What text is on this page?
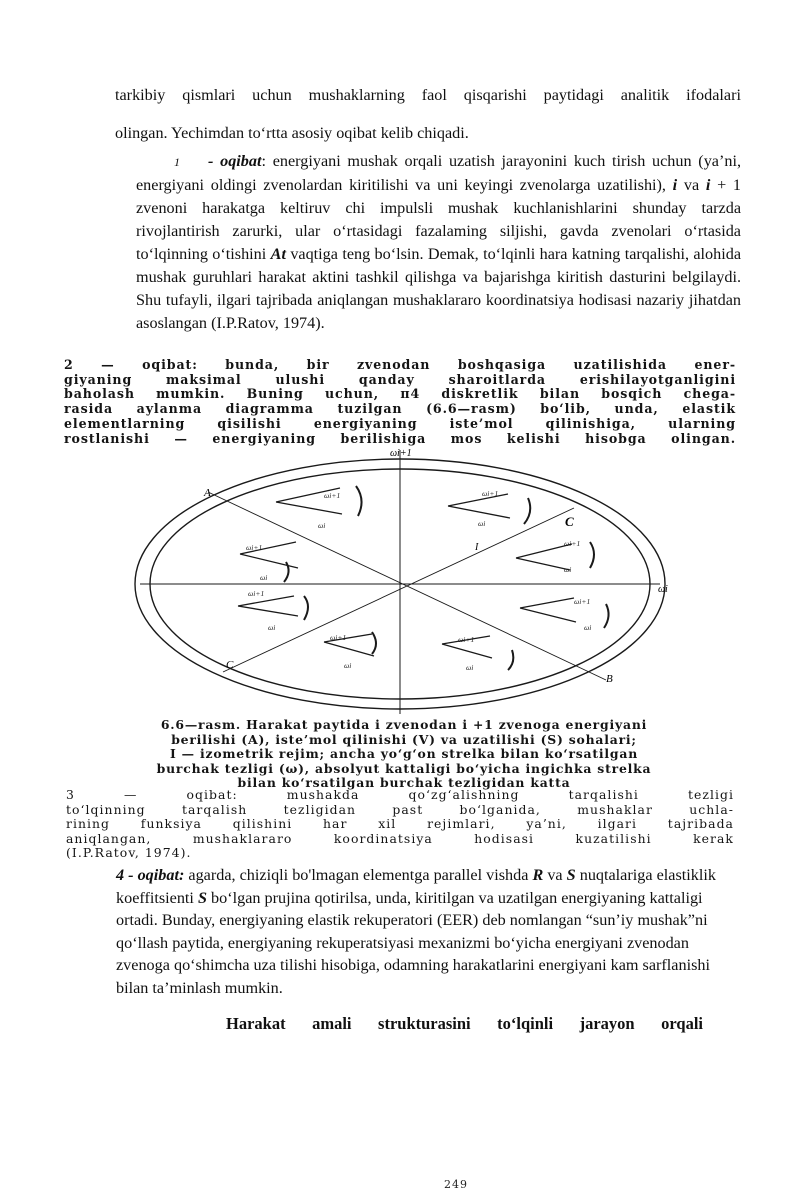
tarkibiy qismlari uchun mushaklarning faol qisqarishi paytidagi analitik ifodalari
olingan. Yechimdan to‘rtta asosiy oqibat kelib chiqadi.
1 - oqibat: energiyani mushak orqali uzatish jarayonini kuch tirish uchun (ya’ni, energiyani oldingi zvenolardan kiritilishi va uni keyingi zvenolarga uzatilishi), i va i + 1 zvenoni harakatga keltiruv chi impulsli mushak kuchlanishlarini shunday tarzda rivojlantirish zarurki, ular o‘rtasidagi fazalaming siljishi, gavda zvenolari o‘rtasida to‘lqinning o‘tishini At vaqtiga teng bo‘lsin. Demak, to‘lqinli hara katning tarqalishi, alohida mushak guruhlari harakat aktini tashkil qilishga va bajarishga kiritish dasturini belgilaydi. Shu tufayli, ilgari tajribada aniqlangan mushaklararo koordinatsiya hodisasi nazariy jihatdan asoslangan (I.P.Ratov, 1974).
2 — oqibat: bunda, bir zvenodan boshqasiga uzatilishida ener-
giyaning maksimal ulushi qanday sharoitlarda erishilayotganligini
baholash mumkin. Buning uchun, π4 diskretlik bilan bosqich chega-
rasida aylanma diagramma tuzilgan (6.6—rasm) bo‘lib, unda, elastik
elementlarning qisilishi energiyaning iste’mol qilinishiga, ularning
rostlanishi — energiyaning berilishiga mos kelishi hisobga olingan.
6.6—rasm. Harakat paytida i zvenodan i +1 zvenoga energiyani
berilishi (A), iste’mol qilinishi (V) va uzatilishi (S) sohalari;
I — izometrik rejim; ancha yo‘g‘on strelka bilan ko‘rsatilgan
burchak tezligi (ω), absolyut kattaligi bo‘yicha ingichka strelka
bilan ko‘rsatilgan burchak tezligidan katta
3 — oqibat: mushakda qo‘zg‘alishning tarqalishi tezligi
to‘lqinning tarqalish tezligidan past bo‘lganida, mushaklar uchla-
rining funksiya qilishini har xil rejimlari, ya’ni, ilgari tajribada
aniqlangan, mushaklararo koordinatsiya hodisasi kuzatilishi kerak
(I.P.Ratov, 1974).
249
ωi+1
ωi
A
C
C
B
I
ωi+1
ωi
ωi+1
ωi
ωi+1
ωi
ωi+1
ωi
ωi+1
ωi
ωi+1
ωi
ωi+1
ωi
ωi+1
ωi
4 - oqibat: agarda, chiziqli bo'lmagan elementga parallel vishda R va S nuqtalariga elastiklik koeffitsienti S bo‘lgan prujina qotirilsa, unda, kiritilgan va uzatilgan energiyaning kattaligi ortadi. Bunday, energiyaning elastik rekuperatori (EER) deb nomlangan “sun’iy mushak”ni qo‘llash paytida, energiyaning rekuperatsiyasi mexanizmi bo‘yicha energiyani zvenodan zvenoga qo‘shimcha uza tilishi hisobiga, odamning harakatlarini energiyani kam sarflanishi bilan ta’minlash mumkin.
Harakat amali strukturasini to‘lqinli jarayon orqali
